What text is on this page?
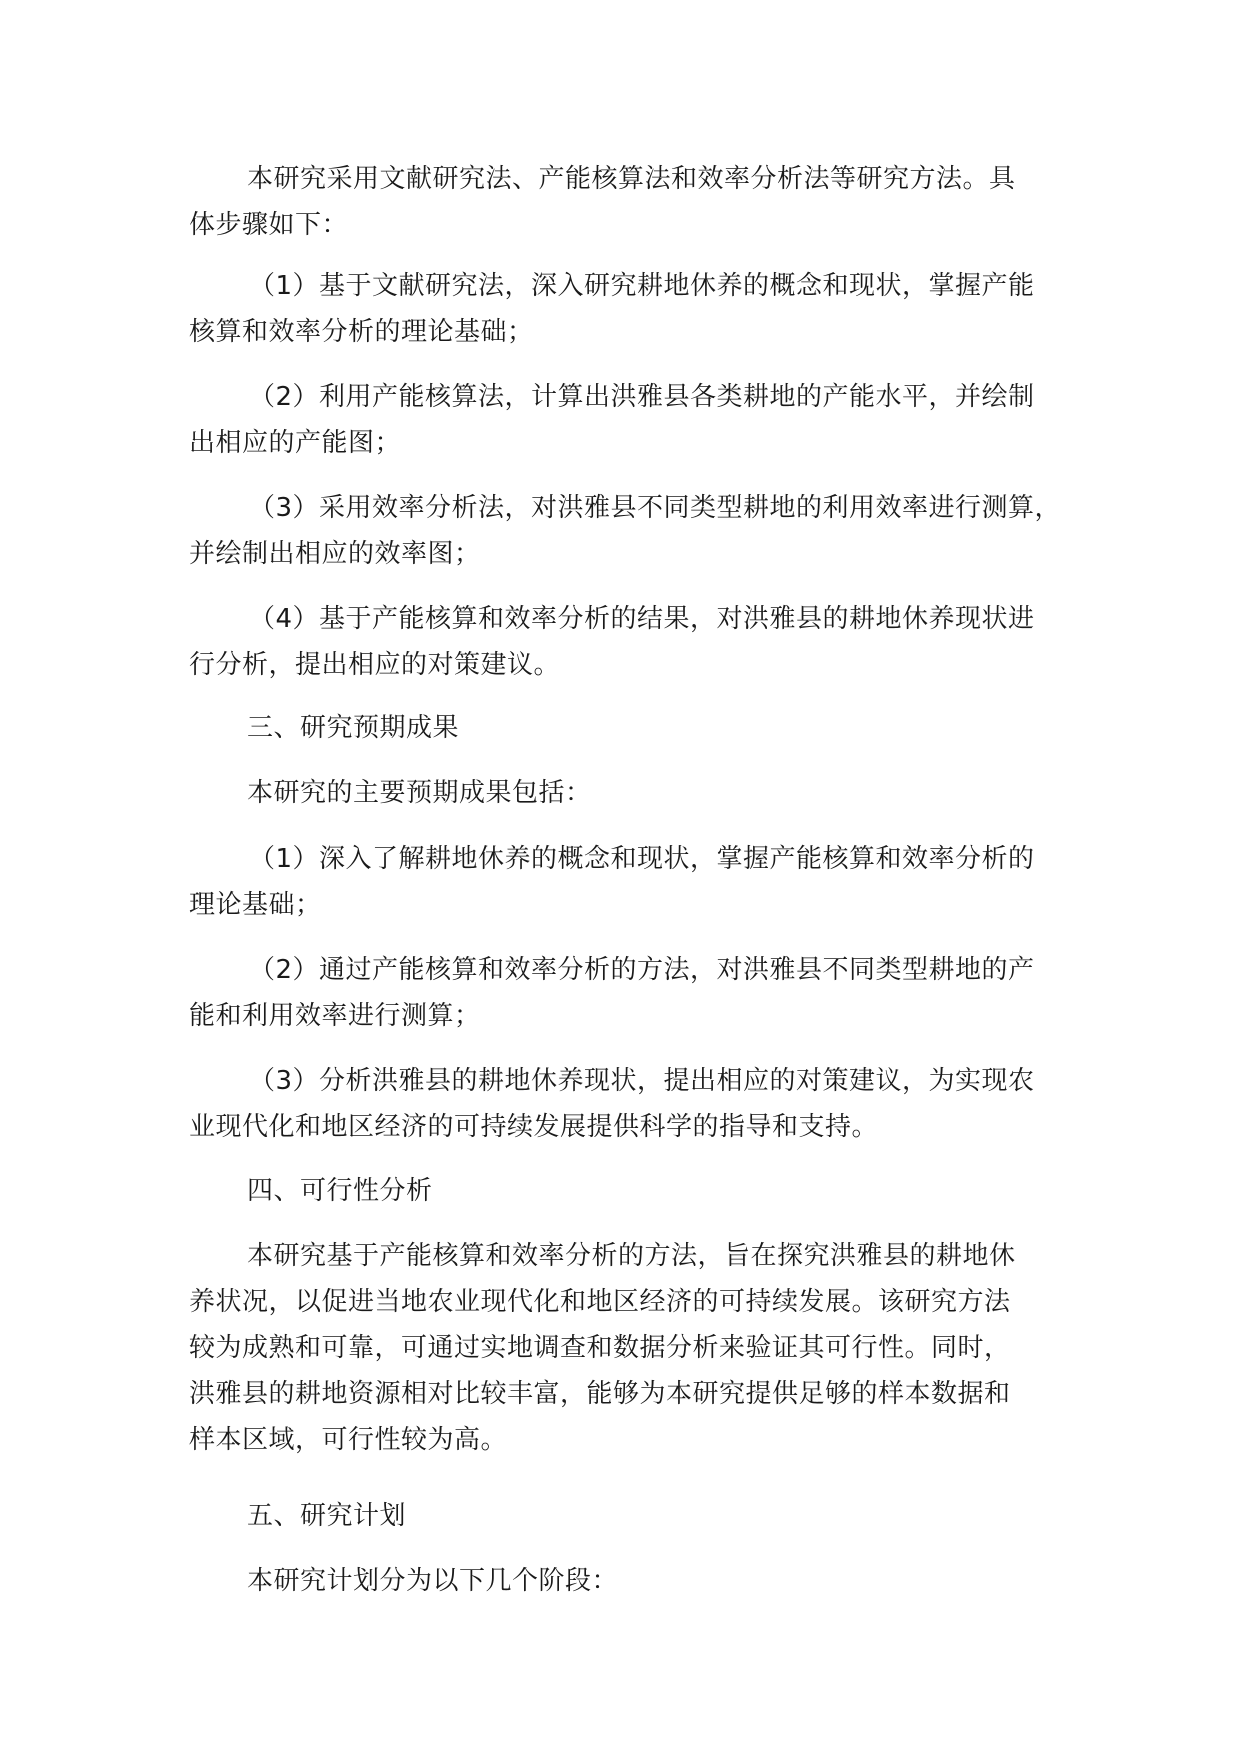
本研究采用文献研究法、产能核算法和效率分析法等研究方法。具
体步骤如下：

（1）基于文献研究法，深入研究耕地休养的概念和现状，掌握产能
核算和效率分析的理论基础；

（2）利用产能核算法，计算出洪雅县各类耕地的产能水平，并绘制
出相应的产能图；

（3）采用效率分析法，对洪雅县不同类型耕地的利用效率进行测算，
并绘制出相应的效率图；

（4）基于产能核算和效率分析的结果，对洪雅县的耕地休养现状进
行分析，提出相应的对策建议。

三、研究预期成果

本研究的主要预期成果包括：

（1）深入了解耕地休养的概念和现状，掌握产能核算和效率分析的
理论基础；

（2）通过产能核算和效率分析的方法，对洪雅县不同类型耕地的产
能和利用效率进行测算；

（3）分析洪雅县的耕地休养现状，提出相应的对策建议，为实现农
业现代化和地区经济的可持续发展提供科学的指导和支持。

四、可行性分析

本研究基于产能核算和效率分析的方法，旨在探究洪雅县的耕地休
养状况，以促进当地农业现代化和地区经济的可持续发展。该研究方法
较为成熟和可靠，可通过实地调查和数据分析来验证其可行性。同时，
洪雅县的耕地资源相对比较丰富，能够为本研究提供足够的样本数据和
样本区域，可行性较为高。

五、研究计划

本研究计划分为以下几个阶段：
